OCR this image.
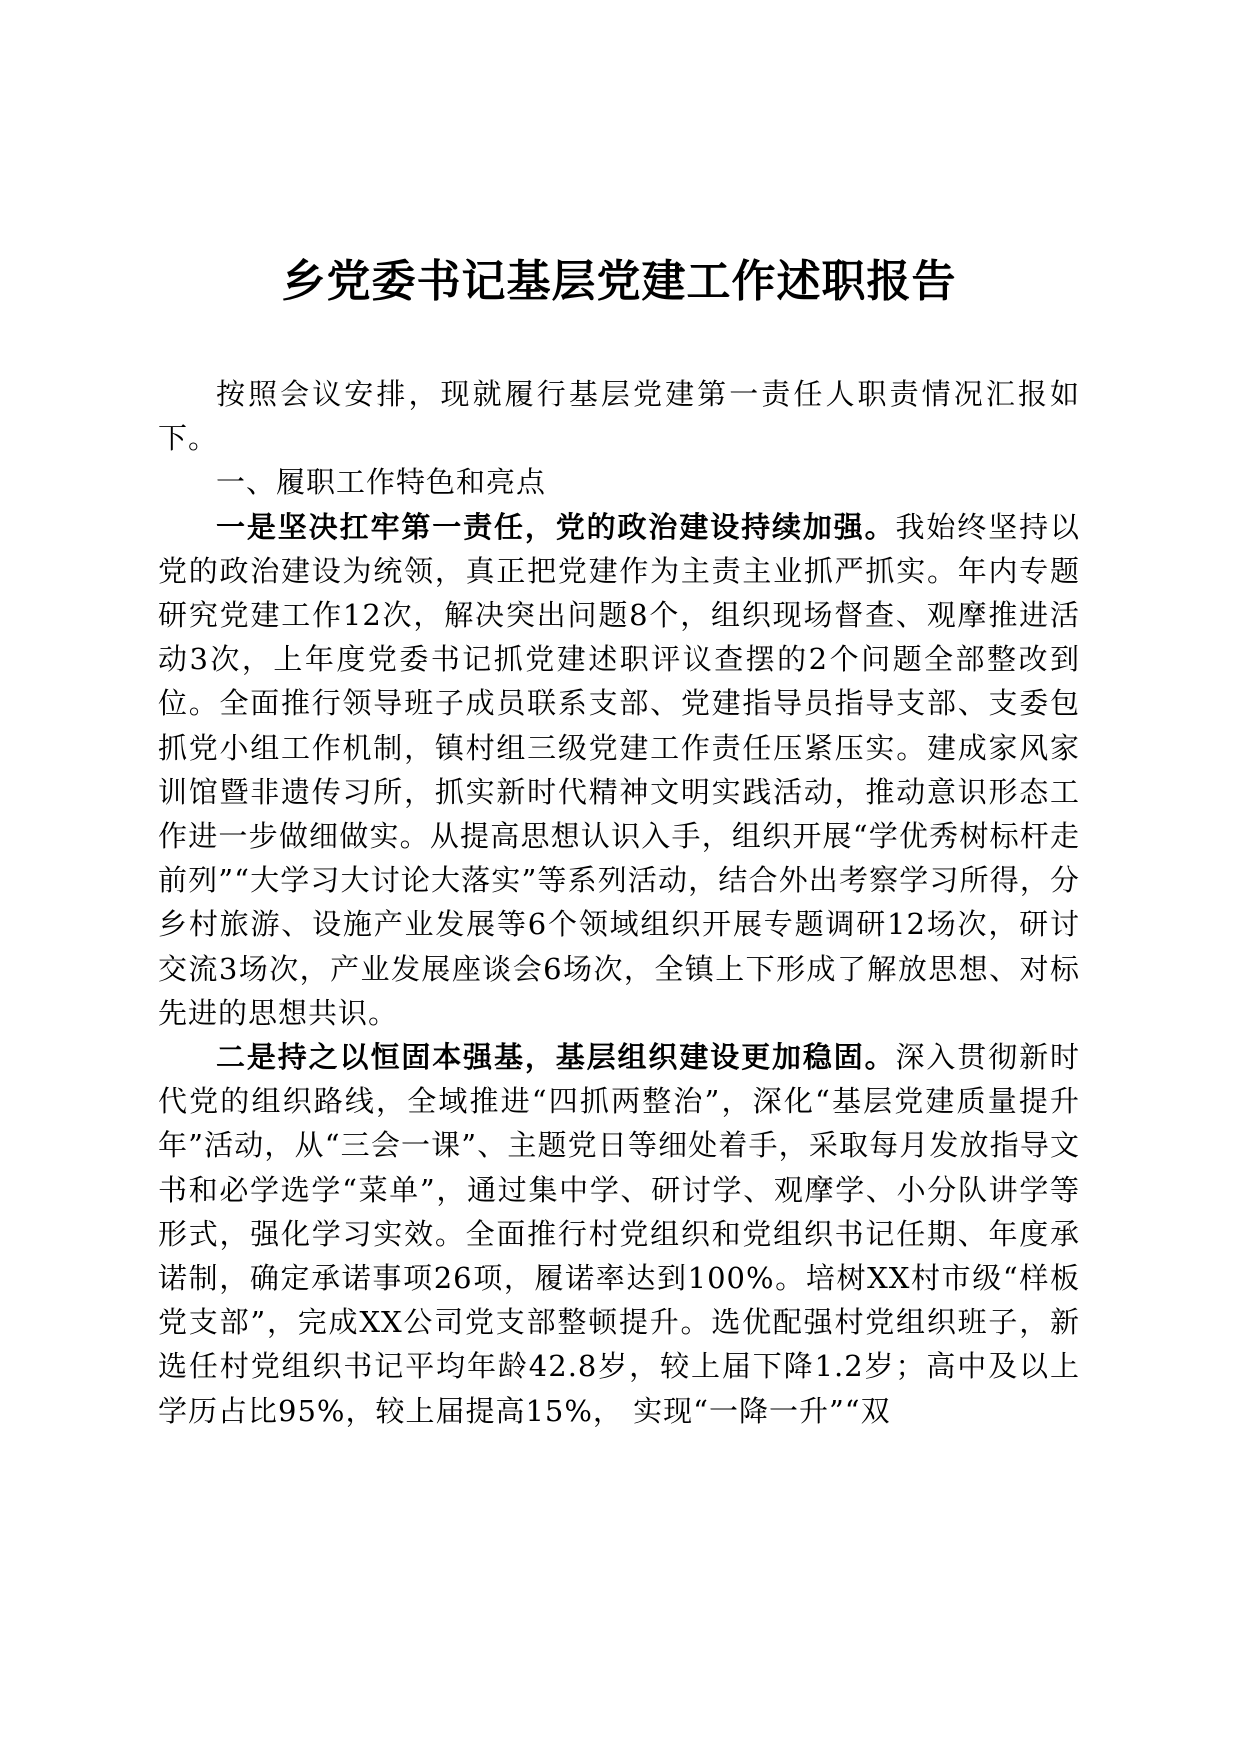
乡党委书记基层党建工作述职报告

按照会议安排，现就履行基层党建第一责任人职责情况汇报如下。

一、履职工作特色和亮点

一是坚决扛牢第一责任，党的政治建设持续加强。我始终坚持以党的政治建设为统领，真正把党建作为主责主业抓严抓实。年内专题研究党建工作12次，解决突出问题8个，组织现场督查、观摩推进活动3次，上年度党委书记抓党建述职评议查摆的2个问题全部整改到位。全面推行领导班子成员联系支部、党建指导员指导支部、支委包抓党小组工作机制，镇村组三级党建工作责任压紧压实。建成家风家训馆暨非遗传习所，抓实新时代精神文明实践活动，推动意识形态工作进一步做细做实。从提高思想认识入手，组织开展“学优秀树标杆走前列”“大学习大讨论大落实”等系列活动，结合外出考察学习所得，分乡村旅游、设施产业发展等6个领域组织开展专题调研12场次，研讨交流3场次，产业发展座谈会6场次，全镇上下形成了解放思想、对标先进的思想共识。

二是持之以恒固本强基，基层组织建设更加稳固。深入贯彻新时代党的组织路线，全域推进“四抓两整治”，深化“基层党建质量提升年”活动，从“三会一课”、主题党日等细处着手，采取每月发放指导文书和必学选学“菜单”，通过集中学、研讨学、观摩学、小分队讲学等形式，强化学习实效。全面推行村党组织和党组织书记任期、年度承诺制，确定承诺事项26项，履诺率达到100%。培树XX村市级“样板党支部”，完成XX公司党支部整顿提升。选优配强村党组织班子，新选任村党组织书记平均年龄42.8岁，较上届下降1.2岁；高中及以上学历占比95%，较上届提高15%， 实现“一降一升”“双
